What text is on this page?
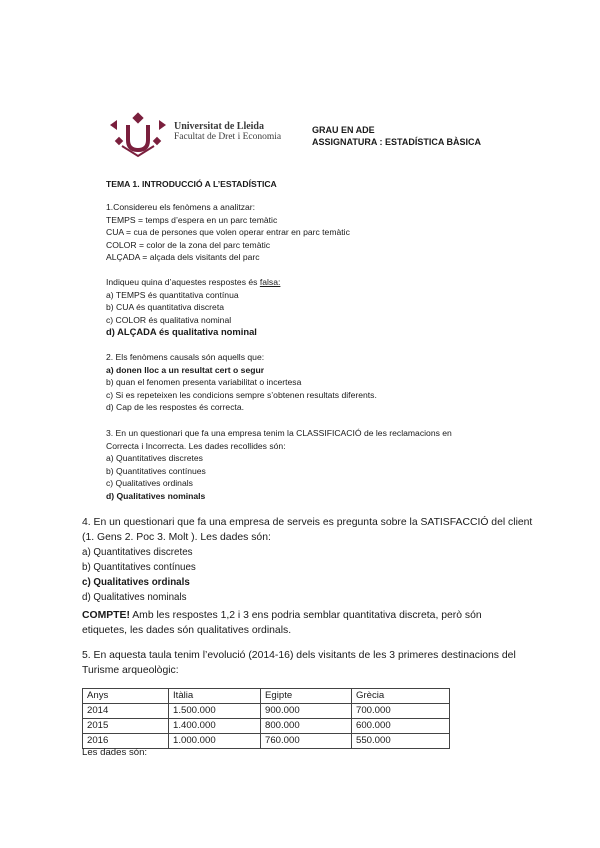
Universitat de Lleida
Facultat de Dret i Economia
GRAU EN ADE
ASSIGNATURA : ESTADÍSTICA BÀSICA
TEMA 1. INTRODUCCIÓ A L’ESTADÍSTICA
1.Considereu els fenòmens a analitzar:
TEMPS = temps d’espera en un parc temàtic
CUA = cua de persones que volen operar entrar en parc temàtic
COLOR = color de la zona del parc temàtic
ALÇADA = alçada dels visitants del parc
Indiqueu quina d’aquestes respostes és falsa:
a) TEMPS és quantitativa contínua
b) CUA és quantitativa discreta
c) COLOR és qualitativa nominal
d) ALÇADA és qualitativa nominal
2. Els fenòmens causals són aquells que:
a) donen lloc a un resultat cert o segur
b) quan el fenomen presenta variabilitat o incertesa
c) Si es repeteixen les condicions sempre s’obtenen resultats diferents.
d) Cap de les respostes és correcta.
3. En un questionari que fa una empresa tenim la CLASSIFICACIÓ de les reclamacions en
Correcta i Incorrecta. Les dades recollides són:
a) Quantitatives discretes
b) Quantitatives contínues
c) Qualitatives ordinals
d) Qualitatives nominals
4. En un questionari que fa una empresa de serveis es pregunta sobre la SATISFACCIÓ del client
(1. Gens 2. Poc 3. Molt ). Les dades són:
a) Quantitatives discretes
b) Quantitatives contínues
c) Qualitatives ordinals
d) Qualitatives nominals
COMPTE! Amb les respostes 1,2 i 3 ens podria semblar quantitativa discreta, però són
etiquetes, les dades són qualitatives ordinals.
5. En aquesta taula tenim l’evolució (2014-16) dels visitants de les 3 primeres destinacions del
Turisme arqueològic:
Anys	Itàlia	Egipte	Grècia
2014	1.500.000	900.000	700.000
2015	1.400.000	800.000	600.000
2016	1.000.000	760.000	550.000
Les dades són:
